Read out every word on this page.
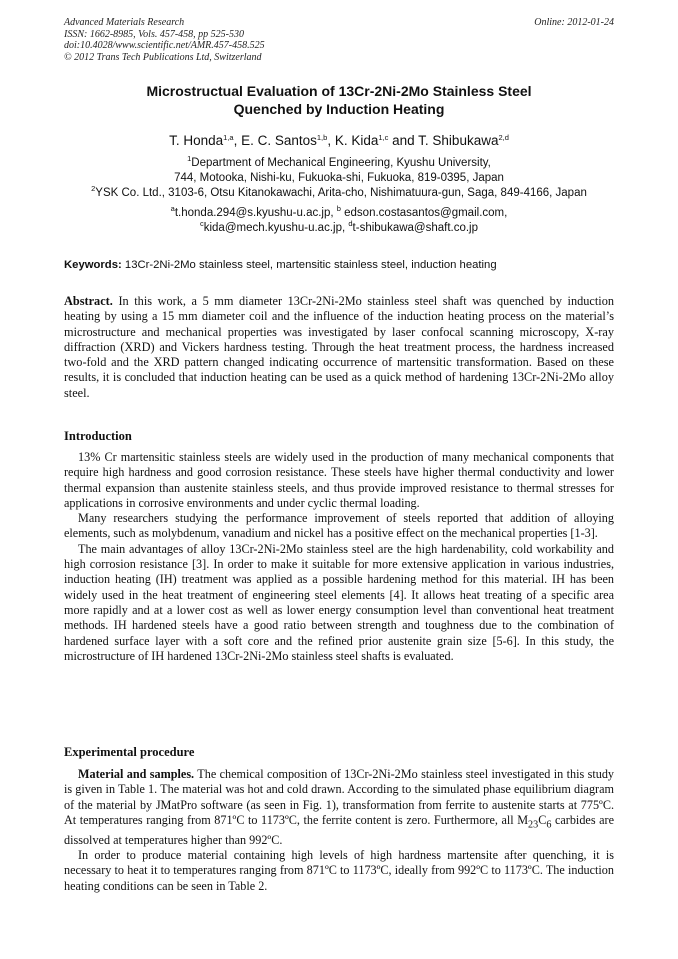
Advanced Materials Research
ISSN: 1662-8985, Vols. 457-458, pp 525-530
doi:10.4028/www.scientific.net/AMR.457-458.525
© 2012 Trans Tech Publications Ltd, Switzerland
Online: 2012-01-24
Microstructual Evaluation of 13Cr-2Ni-2Mo Stainless Steel
Quenched by Induction Heating
T. Honda$^{1,a}$, E. C. Santos$^{1,b}$, K. Kida$^{1,c}$ and T. Shibukawa$^{2,d}$
$^1$Department of Mechanical Engineering, Kyushu University,
744, Motooka, Nishi-ku, Fukuoka-shi, Fukuoka, 819-0395, Japan
$^2$YSK Co. Ltd., 3103-6, Otsu Kitanokawachi, Arita-cho, Nishimatuura-gun, Saga, 849-4166, Japan
$^a$t.honda.294@s.kyushu-u.ac.jp, $^b$ edson.costasantos@gmail.com,
$^c$kida@mech.kyushu-u.ac.jp, $^d$t-shibukawa@shaft.co.jp
Keywords: 13Cr-2Ni-2Mo stainless steel, martensitic stainless steel, induction heating
Abstract. In this work, a 5 mm diameter 13Cr-2Ni-2Mo stainless steel shaft was quenched by induction heating by using a 15 mm diameter coil and the influence of the induction heating process on the material’s microstructure and mechanical properties was investigated by laser confocal scanning microscopy, X-ray diffraction (XRD) and Vickers hardness testing. Through the heat treatment process, the hardness increased two-fold and the XRD pattern changed indicating occurrence of martensitic transformation. Based on these results, it is concluded that induction heating can be used as a quick method of hardening 13Cr-2Ni-2Mo alloy steel.
Introduction

13% Cr martensitic stainless steels are widely used in the production of many mechanical components that require high hardness and good corrosion resistance. These steels have higher thermal conductivity and lower thermal expansion than austenite stainless steels, and thus provide improved resistance to thermal stresses for applications in corrosive environments and under cyclic thermal loading.

Many researchers studying the performance improvement of steels reported that addition of alloying elements, such as molybdenum, vanadium and nickel has a positive effect on the mechanical properties [1-3].

The main advantages of alloy 13Cr-2Ni-2Mo stainless steel are the high hardenability, cold workability and high corrosion resistance [3]. In order to make it suitable for more extensive application in various industries, induction heating (IH) treatment was applied as a possible hardening method for this material. IH has been widely used in the heat treatment of engineering steel elements [4]. It allows heat treating of a specific area more rapidly and at a lower cost as well as lower energy consumption level than conventional heat treatment methods. IH hardened steels have a good ratio between strength and toughness due to the combination of hardened surface layer with a soft core and the refined prior austenite grain size [5-6]. In this study, the microstructure of IH hardened 13Cr-2Ni-2Mo stainless steel shafts is evaluated.

Experimental procedure

Material and samples. The chemical composition of 13Cr-2Ni-2Mo stainless steel investigated in this study is given in Table 1. The material was hot and cold drawn. According to the simulated phase equilibrium diagram of the material by JMatPro software (as seen in Fig. 1), transformation from ferrite to austenite starts at 775ºC. At temperatures ranging from 871ºC to 1173ºC, the ferrite content is zero. Furthermore, all $M_{23}C_6$ carbides are dissolved at temperatures higher than 992ºC.

In order to produce material containing high levels of high hardness martensite after quenching, it is necessary to heat it to temperatures ranging from 871ºC to 1173ºC, ideally from 992ºC to 1173ºC. The induction heating conditions can be seen in Table 2.
